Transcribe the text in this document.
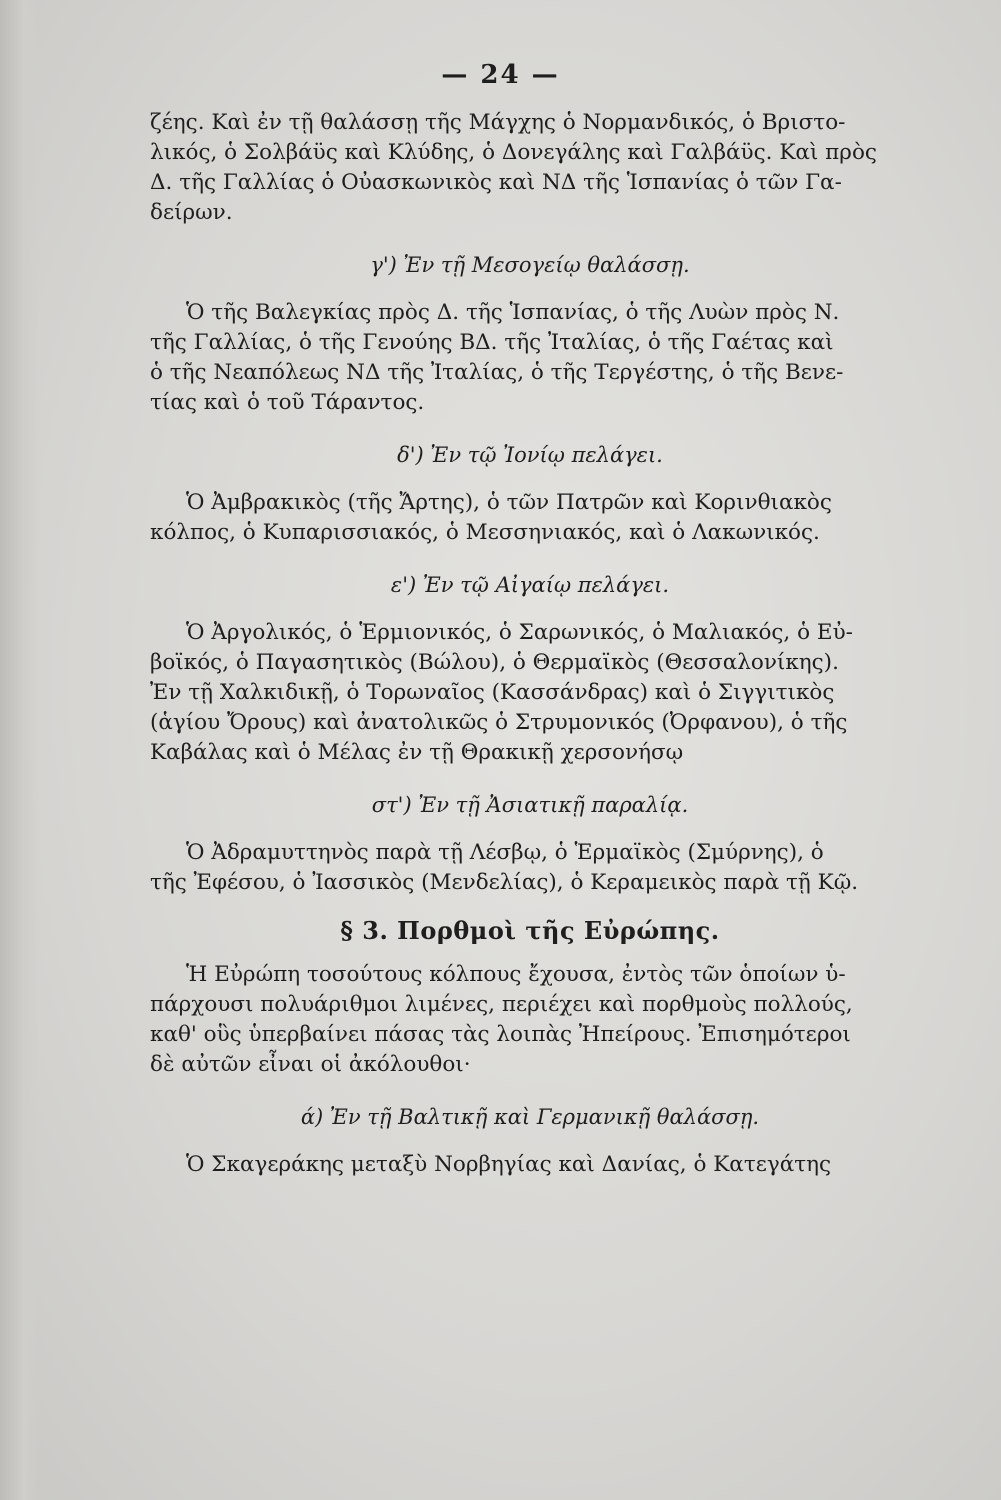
— 24 —
ζέης. Καὶ ἐν τῇ θαλάσσῃ τῆς Μάγχης ὁ Νορμανδικός, ὁ Βριστο-
λικός, ὁ Σολβάϋς καὶ Κλύδης, ὁ Δονεγάλης καὶ Γαλβάϋς. Καὶ πρὸς
Δ. τῆς Γαλλίας ὁ Οὐασκωνικὸς καὶ ΝΔ τῆς Ἱσπανίας ὁ τῶν Γα-
δείρων.
γ') Ἐν τῇ Μεσογείῳ θαλάσσῃ.
Ὁ τῆς Βαλεγκίας πρὸς Δ. τῆς Ἱσπανίας, ὁ τῆς Λυὼν πρὸς Ν.
τῆς Γαλλίας, ὁ τῆς Γενούης ΒΔ. τῆς Ἰταλίας, ὁ τῆς Γαέτας καὶ
ὁ τῆς Νεαπόλεως ΝΔ τῆς Ἰταλίας, ὁ τῆς Τεργέστης, ὁ τῆς Βενε-
τίας καὶ ὁ τοῦ Τάραντος.
δ') Ἐν τῷ Ἰονίῳ πελάγει.
Ὁ Ἀμβρακικὸς (τῆς Ἄρτης), ὁ τῶν Πατρῶν καὶ Κορινθιακὸς
κόλπος, ὁ Κυπαρισσιακός, ὁ Μεσσηνιακός, καὶ ὁ Λακωνικός.
ε') Ἐν τῷ Αἰγαίῳ πελάγει.
Ὁ Ἀργολικός, ὁ Ἑρμιονικός, ὁ Σαρωνικός, ὁ Μαλιακός, ὁ Εὐ-
βοϊκός, ὁ Παγασητικὸς (Βώλου), ὁ Θερμαϊκὸς (Θεσσαλονίκης).
Ἐν τῇ Χαλκιδικῇ, ὁ Τορωναῖος (Κασσάνδρας) καὶ ὁ Σιγγιτικὸς
(ἁγίου Ὄρους) καὶ ἀνατολικῶς ὁ Στρυμονικός (Ὀρφανου), ὁ τῆς
Καβάλας καὶ ὁ Μέλας ἐν τῇ Θρακικῇ χερσονήσῳ
στ') Ἐν τῇ Ἀσιατικῇ παραλίᾳ.
Ὁ Ἀδραμυττηνὸς παρὰ τῇ Λέσβῳ, ὁ Ἑρμαϊκὸς (Σμύρνης), ὁ
τῆς Ἐφέσου, ὁ Ἰασσικὸς (Μενδελίας), ὁ Κεραμεικὸς παρὰ τῇ Κῷ.
§ 3. Πορθμοὶ τῆς Εὐρώπης.
Ἡ Εὐρώπη τοσούτους κόλπους ἔχουσα, ἐντὸς τῶν ὁποίων ὑ-
πάρχουσι πολυάριθμοι λιμένες, περιέχει καὶ πορθμοὺς πολλούς,
καθ' οὓς ὑπερβαίνει πάσας τὰς λοιπὰς Ἠπείρους. Ἐπισημότεροι
δὲ αὐτῶν εἶναι οἱ ἀκόλουθοι·
ά) Ἐν τῇ Βαλτικῇ καὶ Γερμανικῇ θαλάσσῃ.
Ὁ Σκαγεράκης μεταξὺ Νορβηγίας καὶ Δανίας, ὁ Κατεγάτης
